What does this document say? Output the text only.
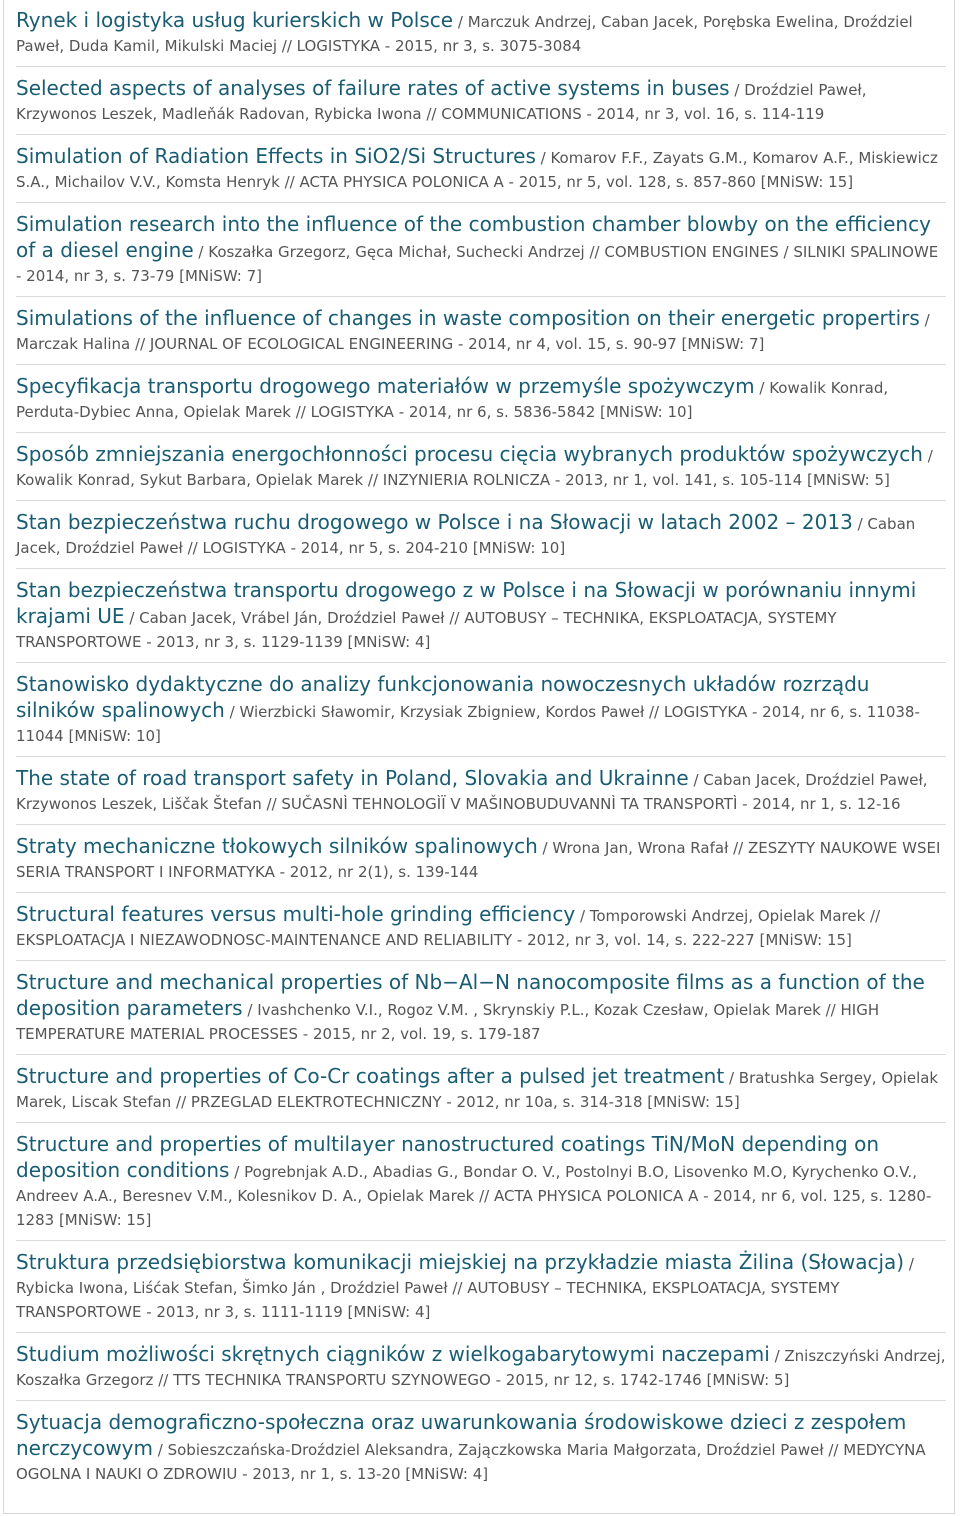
Rynek i logistyka usług kurierskich w Polsce / Marczuk Andrzej, Caban Jacek, Porębska Ewelina, Droździel Paweł, Duda Kamil, Mikulski Maciej // LOGISTYKA - 2015, nr 3, s. 3075-3084
Selected aspects of analyses of failure rates of active systems in buses / Droździel Paweł, Krzywonos Leszek, Madleňák Radovan, Rybicka Iwona // COMMUNICATIONS - 2014, nr 3, vol. 16, s. 114-119
Simulation of Radiation Effects in SiO2/Si Structures / Komarov F.F., Zayats G.M., Komarov A.F., Miskiewicz S.A., Michailov V.V., Komsta Henryk // ACTA PHYSICA POLONICA A - 2015, nr 5, vol. 128, s. 857-860 [MNiSW: 15]
Simulation research into the influence of the combustion chamber blowby on the efficiency of a diesel engine / Koszałka Grzegorz, Gęca Michał, Suchecki Andrzej // COMBUSTION ENGINES / SILNIKI SPALINOWE - 2014, nr 3, s. 73-79 [MNiSW: 7]
Simulations of the influence of changes in waste composition on their energetic propertirs / Marczak Halina // JOURNAL OF ECOLOGICAL ENGINEERING - 2014, nr 4, vol. 15, s. 90-97 [MNiSW: 7]
Specyfikacja transportu drogowego materiałów w przemyśle spożywczym / Kowalik Konrad, Perduta-Dybiec Anna, Opielak Marek // LOGISTYKA - 2014, nr 6, s. 5836-5842 [MNiSW: 10]
Sposób zmniejszania energochłonności procesu cięcia wybranych produktów spożywczych / Kowalik Konrad, Sykut Barbara, Opielak Marek // INZYNIERIA ROLNICZA - 2013, nr 1, vol. 141, s. 105-114 [MNiSW: 5]
Stan bezpieczeństwa ruchu drogowego w Polsce i na Słowacji w latach 2002 – 2013 / Caban Jacek, Droździel Paweł // LOGISTYKA - 2014, nr 5, s. 204-210 [MNiSW: 10]
Stan bezpieczeństwa transportu drogowego z w Polsce i na Słowacji w porównaniu innymi krajami UE / Caban Jacek, Vrábel Ján, Droździel Paweł // AUTOBUSY – TECHNIKA, EKSPLOATACJA, SYSTEMY TRANSPORTOWE - 2013, nr 3, s. 1129-1139 [MNiSW: 4]
Stanowisko dydaktyczne do analizy funkcjonowania nowoczesnych układów rozrządu silników spalinowych / Wierzbicki Sławomir, Krzysiak Zbigniew, Kordos Paweł // LOGISTYKA - 2014, nr 6, s. 11038-11044 [MNiSW: 10]
The state of road transport safety in Poland, Slovakia and Ukrainne / Caban Jacek, Droździel Paweł, Krzywonos Leszek, Liščak Štefan // SUČASNÌ TEHNOLOGÌÏ V MAŠINOBUDUVANNÌ TA TRANSPORTÌ - 2014, nr 1, s. 12-16
Straty mechaniczne tłokowych silników spalinowych / Wrona Jan, Wrona Rafał // ZESZYTY NAUKOWE WSEI SERIA TRANSPORT I INFORMATYKA - 2012, nr 2(1), s. 139-144
Structural features versus multi-hole grinding efficiency / Tomporowski Andrzej, Opielak Marek // EKSPLOATACJA I NIEZAWODNOSC-MAINTENANCE AND RELIABILITY - 2012, nr 3, vol. 14, s. 222-227 [MNiSW: 15]
Structure and mechanical properties of Nb−Al−N nanocomposite films as a function of the deposition parameters / Ivashchenko V.I., Rogoz V.M. , Skrynskiy P.L., Kozak Czesław, Opielak Marek // HIGH TEMPERATURE MATERIAL PROCESSES - 2015, nr 2, vol. 19, s. 179-187
Structure and properties of Co-Cr coatings after a pulsed jet treatment / Bratushka Sergey, Opielak Marek, Liscak Stefan // PRZEGLAD ELEKTROTECHNICZNY - 2012, nr 10a, s. 314-318 [MNiSW: 15]
Structure and properties of multilayer nanostructured coatings TiN/MoN depending on deposition conditions / Pogrebnjak A.D., Abadias G., Bondar O. V., Postolnyi B.O, Lisovenko M.O, Kyrychenko O.V., Andreev A.A., Beresnev V.M., Kolesnikov D. A., Opielak Marek // ACTA PHYSICA POLONICA A - 2014, nr 6, vol. 125, s. 1280-1283 [MNiSW: 15]
Struktura przedsiębiorstwa komunikacji miejskiej na przykładzie miasta Żilina (Słowacja) / Rybicka Iwona, Liśćak Stefan, Šimko Ján , Droździel Paweł // AUTOBUSY – TECHNIKA, EKSPLOATACJA, SYSTEMY TRANSPORTOWE - 2013, nr 3, s. 1111-1119 [MNiSW: 4]
Studium możliwości skrętnych ciągników z wielkogabarytowymi naczepami / Zniszczyński Andrzej, Koszałka Grzegorz // TTS TECHNIKA TRANSPORTU SZYNOWEGO - 2015, nr 12, s. 1742-1746 [MNiSW: 5]
Sytuacja demograficzno-społeczna oraz uwarunkowania środowiskowe dzieci z zespołem nerczycowym / Sobieszczańska-Droździel Aleksandra, Zajączkowska Maria Małgorzata, Droździel Paweł // MEDYCYNA OGOLNA I NAUKI O ZDROWIU - 2013, nr 1, s. 13-20 [MNiSW: 4]
